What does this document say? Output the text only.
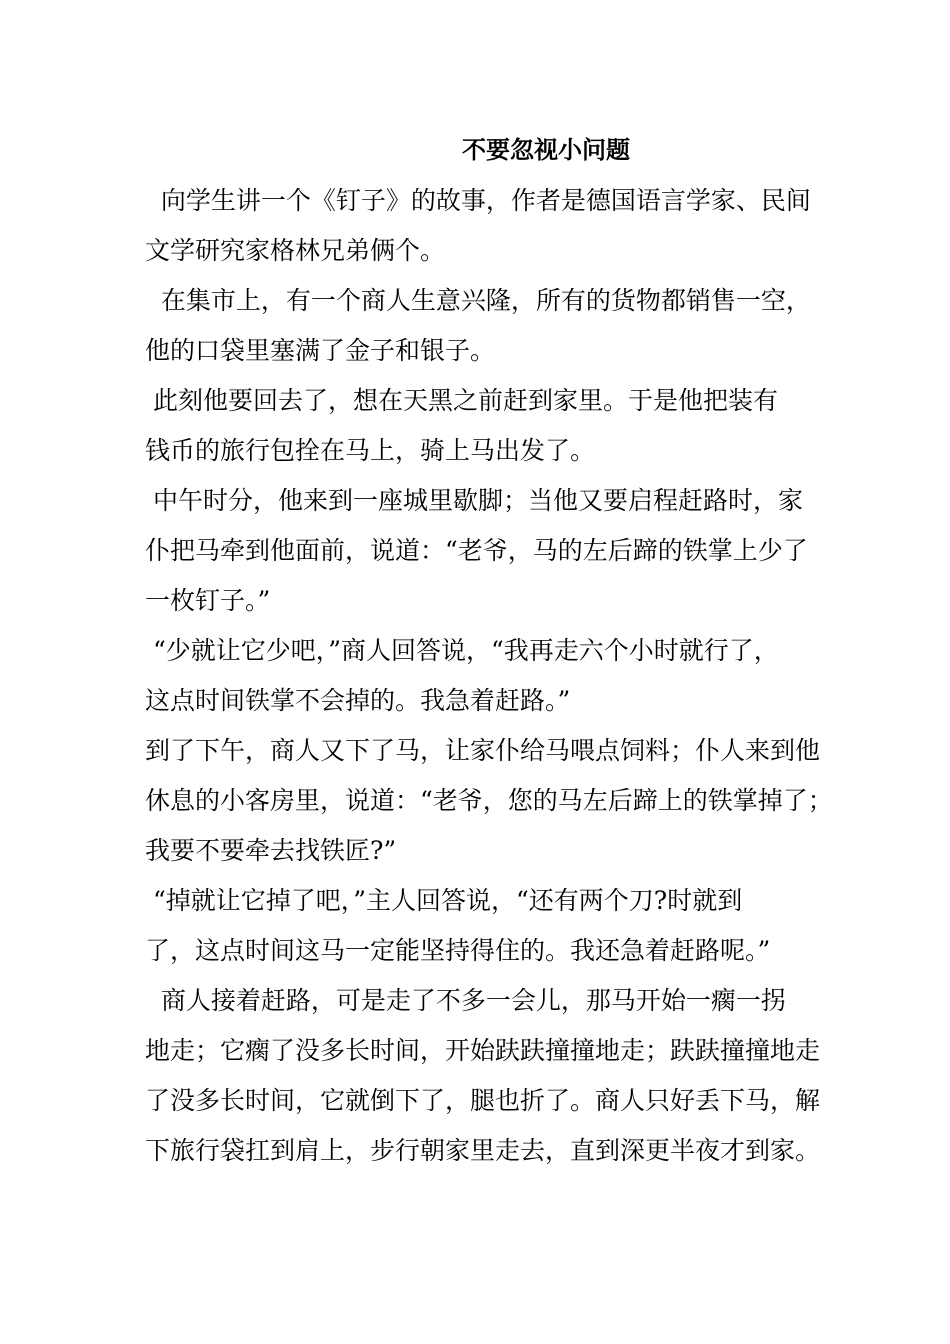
不要忽视小问题
向学生讲一个《钉子》的故事，作者是德国语言学家、民间
文学研究家格林兄弟俩个。
在集市上，有一个商人生意兴隆，所有的货物都销售一空，
他的口袋里塞满了金子和银子。
此刻他要回去了，想在天黑之前赶到家里。于是他把装有
钱币的旅行包拴在马上，骑上马出发了。
中午时分，他来到一座城里歇脚；当他又要启程赶路时，家
仆把马牵到他面前，说道：“老爷，马的左后蹄的铁掌上少了
一枚钉子。”
“少就让它少吧，”商人回答说，“我再走六个小时就行了，
这点时间铁掌不会掉的。我急着赶路。”
到了下午，商人又下了马，让家仆给马喂点饲料；仆人来到他
休息的小客房里，说道：“老爷，您的马左后蹄上的铁掌掉了；
我要不要牵去找铁匠?”
“掉就让它掉了吧，”主人回答说，“还有两个刀?时就到
了，这点时间这马一定能坚持得住的。我还急着赶路呢。”
商人接着赶路，可是走了不多一会儿，那马开始一瘸一拐
地走；它瘸了没多长时间，开始趺趺撞撞地走；趺趺撞撞地走
了没多长时间，它就倒下了，腿也折了。商人只好丢下马，解
下旅行袋扛到肩上，步行朝家里走去，直到深更半夜才到家。
